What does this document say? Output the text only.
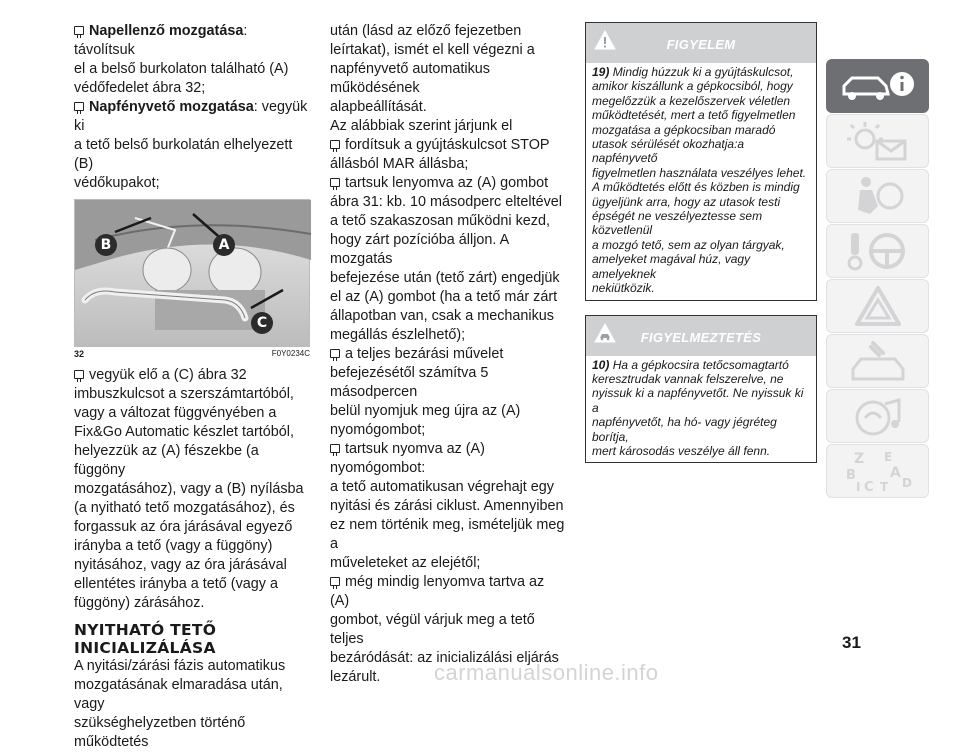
Napellenző mozgatása: távolítsuk
el a belső burkolaton található (A)
védőfedelet ábra 32;
Napfényvető mozgatása: vegyük ki
a tető belső burkolatán elhelyezett (B)
védőkupakot;
B	A
C
32	F0Y0234C
vegyük elő a (C) ábra 32
imbuszkulcsot a szerszámtartóból,
vagy a változat függvényében a
Fix&Go Automatic készlet tartóból,
helyezzük az (A) fészekbe (a függöny
mozgatásához), vagy a (B) nyílásba
(a nyitható tető mozgatásához), és
forgassuk az óra járásával egyező
irányba a tető (vagy a függöny)
nyitásához, vagy az óra járásával
ellentétes irányba a tető (vagy a
függöny) zárásához.
NYITHATÓ TETŐ
INICIALIZÁLÁSA
A nyitási/zárási fázis automatikus
mozgatásának elmaradása után, vagy
szükséghelyzetben történő működtetés
után (lásd az előző fejezetben
leírtakat), ismét el kell végezni a
napfényvető automatikus működésének
alapbeállítását.
Az alábbiak szerint járjunk el
fordítsuk a gyújtáskulcsot STOP
állásból MAR állásba;
tartsuk lenyomva az (A) gombot
ábra 31: kb. 10 másodperc elteltével
a tető szakaszosan működni kezd,
hogy zárt pozícióba álljon. A mozgatás
befejezése után (tető zárt) engedjük
el az (A) gombot (ha a tető már zárt
állapotban van, csak a mechanikus
megállás észlelhető);
a teljes bezárási művelet
befejezésétől számítva 5 másodpercen
belül nyomjuk meg újra az (A)
nyomógombot;
tartsuk nyomva az (A) nyomógombot:
a tető automatikusan végrehajt egy
nyitási és zárási ciklust. Amennyiben
ez nem történik meg, ismételjük meg a
műveleteket az elejétől;
még mindig lenyomva tartva az (A)
gombot, végül várjuk meg a tető teljes
bezáródását: az inicializálási eljárás
lezárult.
FIGYELEM
19) Mindig húzzuk ki a gyújtáskulcsot,
amikor kiszállunk a gépkocsiból, hogy
megelőzzük a kezelőszervek véletlen
működtetését, mert a tető figyelmetlen
mozgatása a gépkocsiban maradó
utasok sérülését okozhatja:a napfényvető
figyelmetlen használata veszélyes lehet.
A működtetés előtt és közben is mindig
ügyeljünk arra, hogy az utasok testi
épségét ne veszélyeztesse sem közvetlenül
a mozgó tető, sem az olyan tárgyak,
amelyeket magával húz, vagy amelyeknek
nekiütközik.
FIGYELMEZTETÉS
10) Ha a gépkocsira tetőcsomagtartó
keresztrudak vannak felszerelve, ne
nyissuk ki a napfényvetőt. Ne nyissuk ki a
napfényvetőt, ha hó- vagy jégréteg borítja,
mert károsodás veszélye áll fenn.
Z E
B A
C T
I	D
31
carmanualsonline.info
